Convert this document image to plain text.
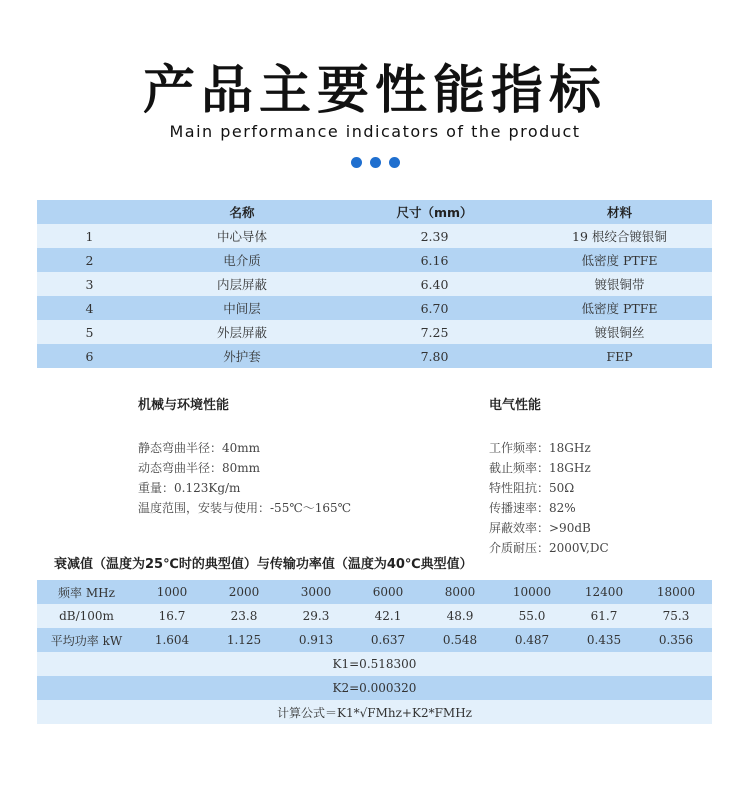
产品主要性能指标
Main performance indicators of the product
	名称	尺寸（mm）	材料
1	中心导体	2.39	19 根绞合镀银铜
2	电介质	6.16	低密度 PTFE
3	内层屏蔽	6.40	镀银铜带
4	中间层	6.70	低密度 PTFE
5	外层屏蔽	7.25	镀银铜丝
6	外护套	7.80	FEP
机械与环境性能
静态弯曲半径：40mm
动态弯曲半径：80mm
重量：0.123Kg/m
温度范围，安装与使用：-55℃～165℃
电气性能
工作频率：18GHz
截止频率：18GHz
特性阻抗：50Ω
传播速率：82%
屏蔽效率：>90dB
介质耐压：2000V,DC
衰减值（温度为25℃时的典型值）与传输功率值（温度为40℃典型值）
频率 MHz	1000	2000	3000	6000	8000	10000	12400	18000
dB/100m	16.7	23.8	29.3	42.1	48.9	55.0	61.7	75.3
平均功率 kW	1.604	1.125	0.913	0.637	0.548	0.487	0.435	0.356
K1=0.518300								
K2=0.000320								
计算公式＝K1*√FMhz+K2*FMHz								
